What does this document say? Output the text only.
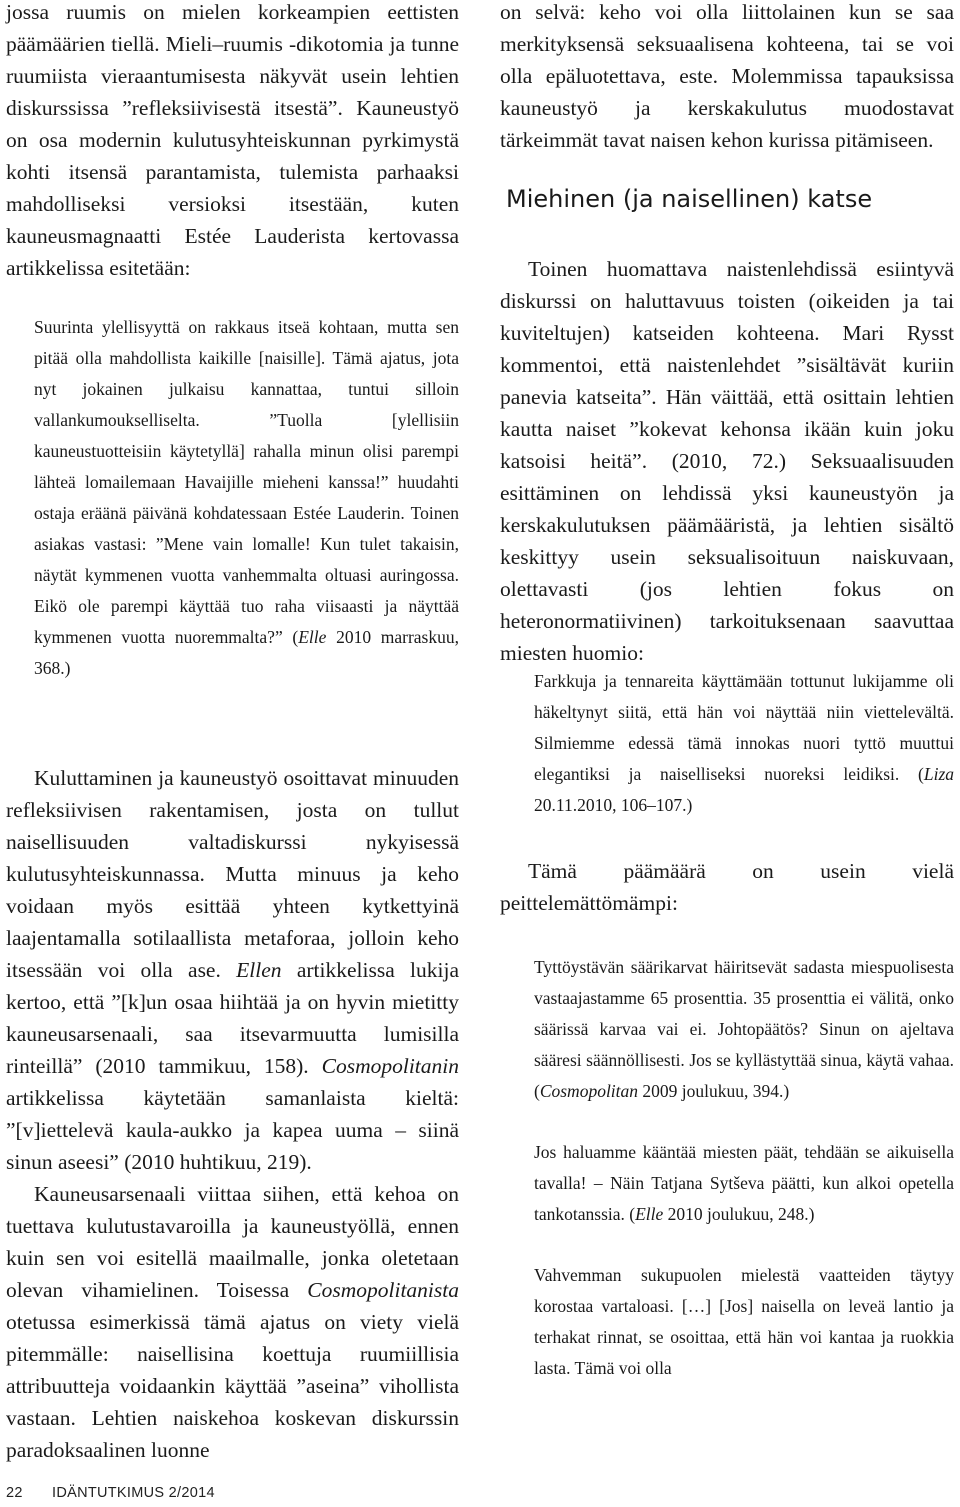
jossa ruumis on mielen korkeampien eettisten päämäärien tiellä. Mieli–ruumis -dikotomia ja tunne ruumiista vieraantumisesta näkyvät usein lehtien diskurssissa ”refleksiivisestä itsestä”. Kauneustyö on osa modernin kulutusyhteiskunnan pyrkimystä kohti itsensä parantamista, tulemista parhaaksi mahdolliseksi versioksi itsestään, kuten kauneusmagnaatti Estée Lauderista kertovassa artikkelissa esitetään:

Suurinta ylellisyyttä on rakkaus itseä kohtaan, mutta sen pitää olla mahdollista kaikille [naisille]. Tämä ajatus, jota nyt jokainen julkaisu kannattaa, tuntui silloin vallankumoukselliselta. ”Tuolla [ylellisiin kauneustuotteisiin käytetyllä] rahalla minun olisi parempi lähteä lomailemaan Havaijille mieheni kanssa!” huudahti ostaja eräänä päivänä kohdatessaan Estée Lauderin. Toinen asiakas vastasi: ”Mene vain lomalle! Kun tulet takaisin, näytät kymmenen vuotta vanhemmalta oltuasi auringossa. Eikö ole parempi käyttää tuo raha viisaasti ja näyttää kymmenen vuotta nuoremmalta?” (Elle 2010 marraskuu, 368.)

Kuluttaminen ja kauneustyö osoittavat minuuden refleksiivisen rakentamisen, josta on tullut naisellisuuden valtadiskurssi nykyisessä kulutusyhteiskunnassa. Mutta minuus ja keho voidaan myös esittää yhteen kytkettyinä laajentamalla sotilaallista metaforaa, jolloin keho itsessään voi olla ase. Ellen artikkelissa lukija kertoo, että ”[k]un osaa hiihtää ja on hyvin mietitty kauneusarsenaali, saa itsevarmuutta lumisilla rinteillä” (2010 tammikuu, 158). Cosmopolitanin artikkelissa käytetään samanlaista kieltä: ”[v]iettelevä kaula-aukko ja kapea uuma – siinä sinun aseesi” (2010 huhtikuu, 219).

Kauneusarsenaali viittaa siihen, että kehoa on tuettava kulutustavaroilla ja kauneustyöllä, ennen kuin sen voi esitellä maailmalle, jonka oletetaan olevan vihamielinen. Toisessa Cosmopolitanista otetussa esimerkissä tämä ajatus on viety vielä pitemmälle: naisellisina koettuja ruumiillisia attribuutteja voidaankin käyttää ”aseina” vihollista vastaan. Lehtien naiskehoa koskevan diskurssin paradoksaalinen luonne

on selvä: keho voi olla liittolainen kun se saa merkityksensä seksuaalisena kohteena, tai se voi olla epäluotettava, este. Molemmissa tapauksissa kauneustyö ja kerskakulutus muodostavat tärkeimmät tavat naisen kehon kurissa pitämiseen.

Miehinen (ja naisellinen) katse

Toinen huomattava naistenlehdissä esiintyvä diskurssi on haluttavuus toisten (oikeiden ja tai kuviteltujen) katseiden kohteena. Mari Rysst kommentoi, että naistenlehdet ”sisältävät kuriin panevia katseita”. Hän väittää, että osittain lehtien kautta naiset ”kokevat kehonsa ikään kuin joku katsoisi heitä”. (2010, 72.) Seksuaalisuuden esittäminen on lehdissä yksi kauneustyön ja kerskakulutuksen päämääristä, ja lehtien sisältö keskittyy usein seksualisoituun naiskuvaan, olettavasti (jos lehtien fokus on heteronormatiivinen) tarkoituksenaan saavuttaa miesten huomio:

Farkkuja ja tennareita käyttämään tottunut lukijamme oli häkeltynyt siitä, että hän voi näyttää niin viettelevältä. Silmiemme edessä tämä innokas nuori tyttö muuttui elegantiksi ja naiselliseksi nuoreksi leidiksi. (Liza 20.11.2010, 106–107.)

Tämä päämäärä on usein vielä peittelemättömämpi:

Tyttöystävän säärikarvat häiritsevät sadasta miespuolisesta vastaajastamme 65 prosenttia. 35 prosenttia ei välitä, onko säärissä karvaa vai ei. Johtopäätös? Sinun on ajeltava sääresi säännöllisesti. Jos se kyllästyttää sinua, käytä vahaa. (Cosmopolitan 2009 joulukuu, 394.)

Jos haluamme kääntää miesten päät, tehdään se aikuisella tavalla! – Näin Tatjana Sytševa päätti, kun alkoi opetella tankotanssia. (Elle 2010 joulukuu, 248.)

Vahvemman sukupuolen mielestä vaatteiden täytyy korostaa vartaloasi. […] [Jos] naisella on leveä lantio ja terhakat rinnat, se osoittaa, että hän voi kantaa ja ruokkia lasta. Tämä voi olla

22 IDÄNTUTKIMUS 2/2014
